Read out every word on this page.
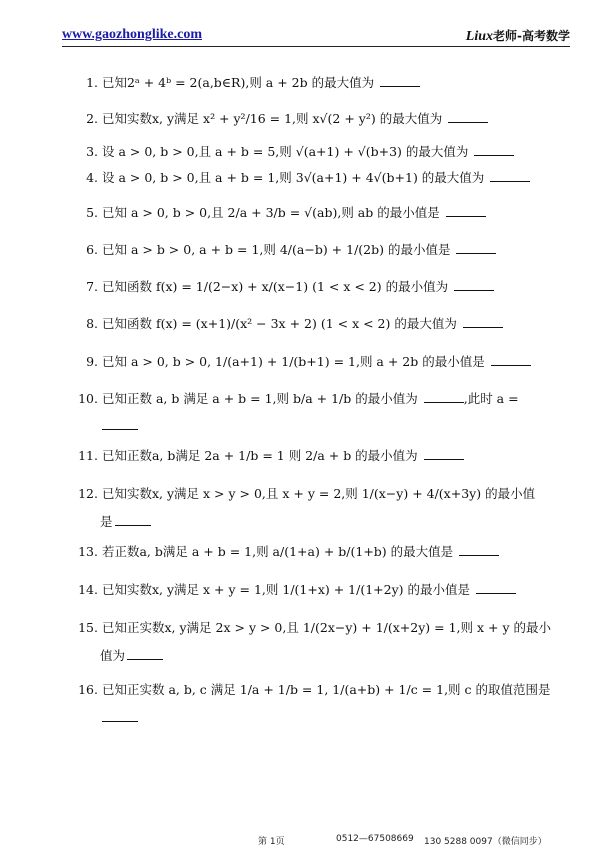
www.gaozhonglike.com	Liux老师-高考数学
1. 已知2ᵃ + 4ᵇ = 2(a,b∈R),则 a + 2b 的最大值为
2. 已知实数x, y满足 x² + y²/16 = 1,则 x√(2 + y²) 的最大值为
3. 设 a > 0, b > 0,且 a + b = 5,则 √(a+1) + √(b+3) 的最大值为
4. 设 a > 0, b > 0,且 a + b = 1,则 3√(a+1) + 4√(b+1) 的最大值为
5. 已知 a > 0, b > 0,且 2/a + 3/b = √(ab),则 ab 的最小值是
6. 已知 a > b > 0, a + b = 1,则 4/(a−b) + 1/(2b) 的最小值是
7. 已知函数 f(x) = 1/(2−x) + x/(x−1) (1 < x < 2) 的最小值为
8. 已知函数 f(x) = (x+1)/(x² − 3x + 2) (1 < x < 2) 的最大值为
9. 已知 a > 0, b > 0, 1/(a+1) + 1/(b+1) = 1,则 a + 2b 的最小值是
10. 已知正数 a, b 满足 a + b = 1,则 b/a + 1/b 的最小值为	,此时 a =
11. 已知正数a, b满足 2a + 1/b = 1 则 2/a + b 的最小值为
12. 已知实数x, y满足 x > y > 0,且 x + y = 2,则 1/(x−y) + 4/(x+3y) 的最小值
是
13. 若正数a, b满足 a + b = 1,则 a/(1+a) + b/(1+b) 的最大值是
14. 已知实数x, y满足 x + y = 1,则 1/(1+x) + 1/(1+2y) 的最小值是
15. 已知正实数x, y满足 2x > y > 0,且 1/(2x−y) + 1/(x+2y) = 1,则 x + y 的最小
值为
16. 已知正实数 a, b, c 满足 1/a + 1/b = 1, 1/(a+b) + 1/c = 1,则 c 的取值范围是
第 1页	0512—67508669 130 5288 0097（微信同步）
